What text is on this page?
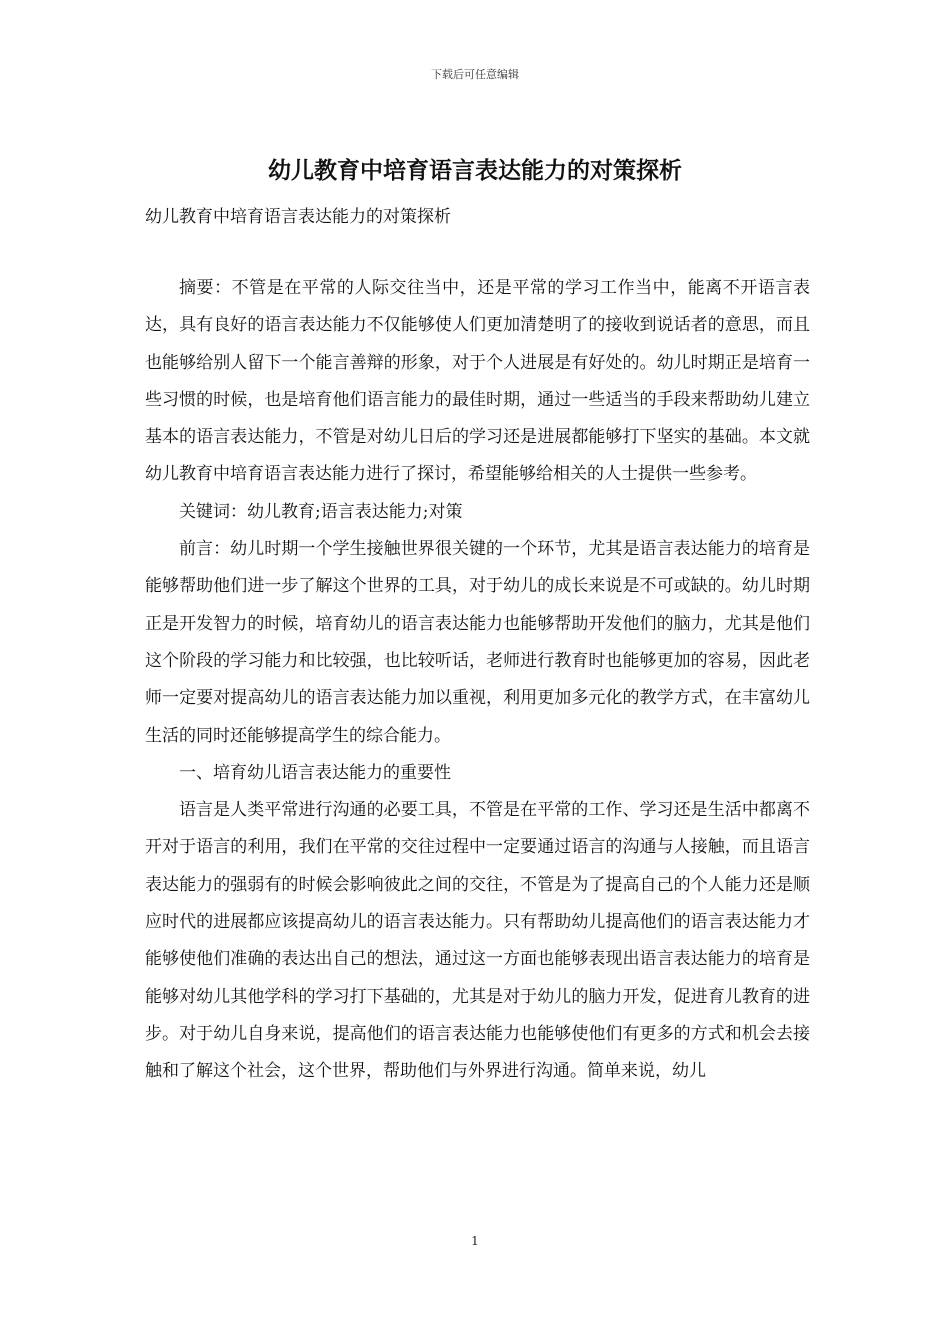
下载后可任意编辑
幼儿教育中培育语言表达能力的对策探析
幼儿教育中培育语言表达能力的对策探析

摘要：不管是在平常的人际交往当中，还是平常的学习工作当中，能离不开语言表达，具有良好的语言表达能力不仅能够使人们更加清楚明了的接收到说话者的意思，而且也能够给别人留下一个能言善辩的形象，对于个人进展是有好处的。幼儿时期正是培育一些习惯的时候，也是培育他们语言能力的最佳时期，通过一些适当的手段来帮助幼儿建立基本的语言表达能力，不管是对幼儿日后的学习还是进展都能够打下坚实的基础。本文就幼儿教育中培育语言表达能力进行了探讨，希望能够给相关的人士提供一些参考。

关键词：幼儿教育;语言表达能力;对策

前言：幼儿时期一个学生接触世界很关键的一个环节，尤其是语言表达能力的培育是能够帮助他们进一步了解这个世界的工具，对于幼儿的成长来说是不可或缺的。幼儿时期正是开发智力的时候，培育幼儿的语言表达能力也能够帮助开发他们的脑力，尤其是他们这个阶段的学习能力和比较强，也比较听话，老师进行教育时也能够更加的容易，因此老师一定要对提高幼儿的语言表达能力加以重视，利用更加多元化的教学方式，在丰富幼儿生活的同时还能够提高学生的综合能力。

一、培育幼儿语言表达能力的重要性

语言是人类平常进行沟通的必要工具，不管是在平常的工作、学习还是生活中都离不开对于语言的利用，我们在平常的交往过程中一定要通过语言的沟通与人接触，而且语言表达能力的强弱有的时候会影响彼此之间的交往，不管是为了提高自己的个人能力还是顺应时代的进展都应该提高幼儿的语言表达能力。只有帮助幼儿提高他们的语言表达能力才能够使他们准确的表达出自己的想法，通过这一方面也能够表现出语言表达能力的培育是能够对幼儿其他学科的学习打下基础的，尤其是对于幼儿的脑力开发，促进育儿教育的进步。对于幼儿自身来说，提高他们的语言表达能力也能够使他们有更多的方式和机会去接触和了解这个社会，这个世界，帮助他们与外界进行沟通。简单来说，幼儿

1
